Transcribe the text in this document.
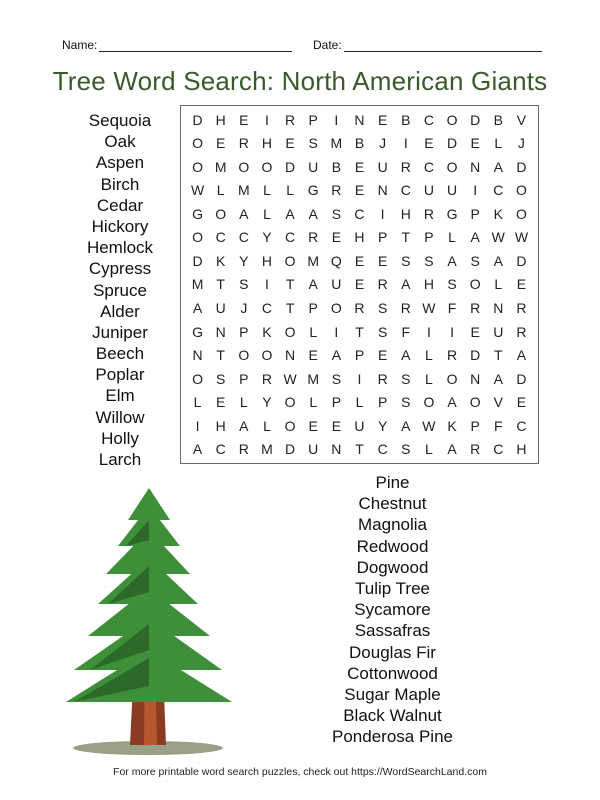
Name:	Date:
Tree Word Search: North American Giants
Sequoia
Oak
Aspen
Birch
Cedar
Hickory
Hemlock
Cypress
Spruce
Alder
Juniper
Beech
Poplar
Elm
Willow
Holly
Larch
D H E	I	R P	I	N E B C O D B V
O E R H E S M B	J	I	E D E	L	J
O M O O D U B E U R C O N A D
W L M L	L G R E N C U U	I	C O
G O A	L	A A S C	I	H R G P K O
O C C Y C R E H P	T	P	L	A W W
D K Y H O M Q E E S S A S A D
M T	S	I	T	A U E R A H S O L	E
A U	J	C T	P O R S R W F R N R
G N P K O L	I	T	S	F	I	I	E U R
N T O O N E A P E A	L	R D T	A
O S P R W M S	I	R S	L O N A D
L	E	L	Y O L	P	L	P S O A O V E
I	H A	L O E E U Y A W K P	F C
A C R M D U N T C S	L	A R C H
Pine
Chestnut
Magnolia
Redwood
Dogwood
Tulip Tree
Sycamore
Sassafras
Douglas Fir
Cottonwood
Sugar Maple
Black Walnut
Ponderosa Pine
For more printable word search puzzles, check out https://WordSearchLand.com
